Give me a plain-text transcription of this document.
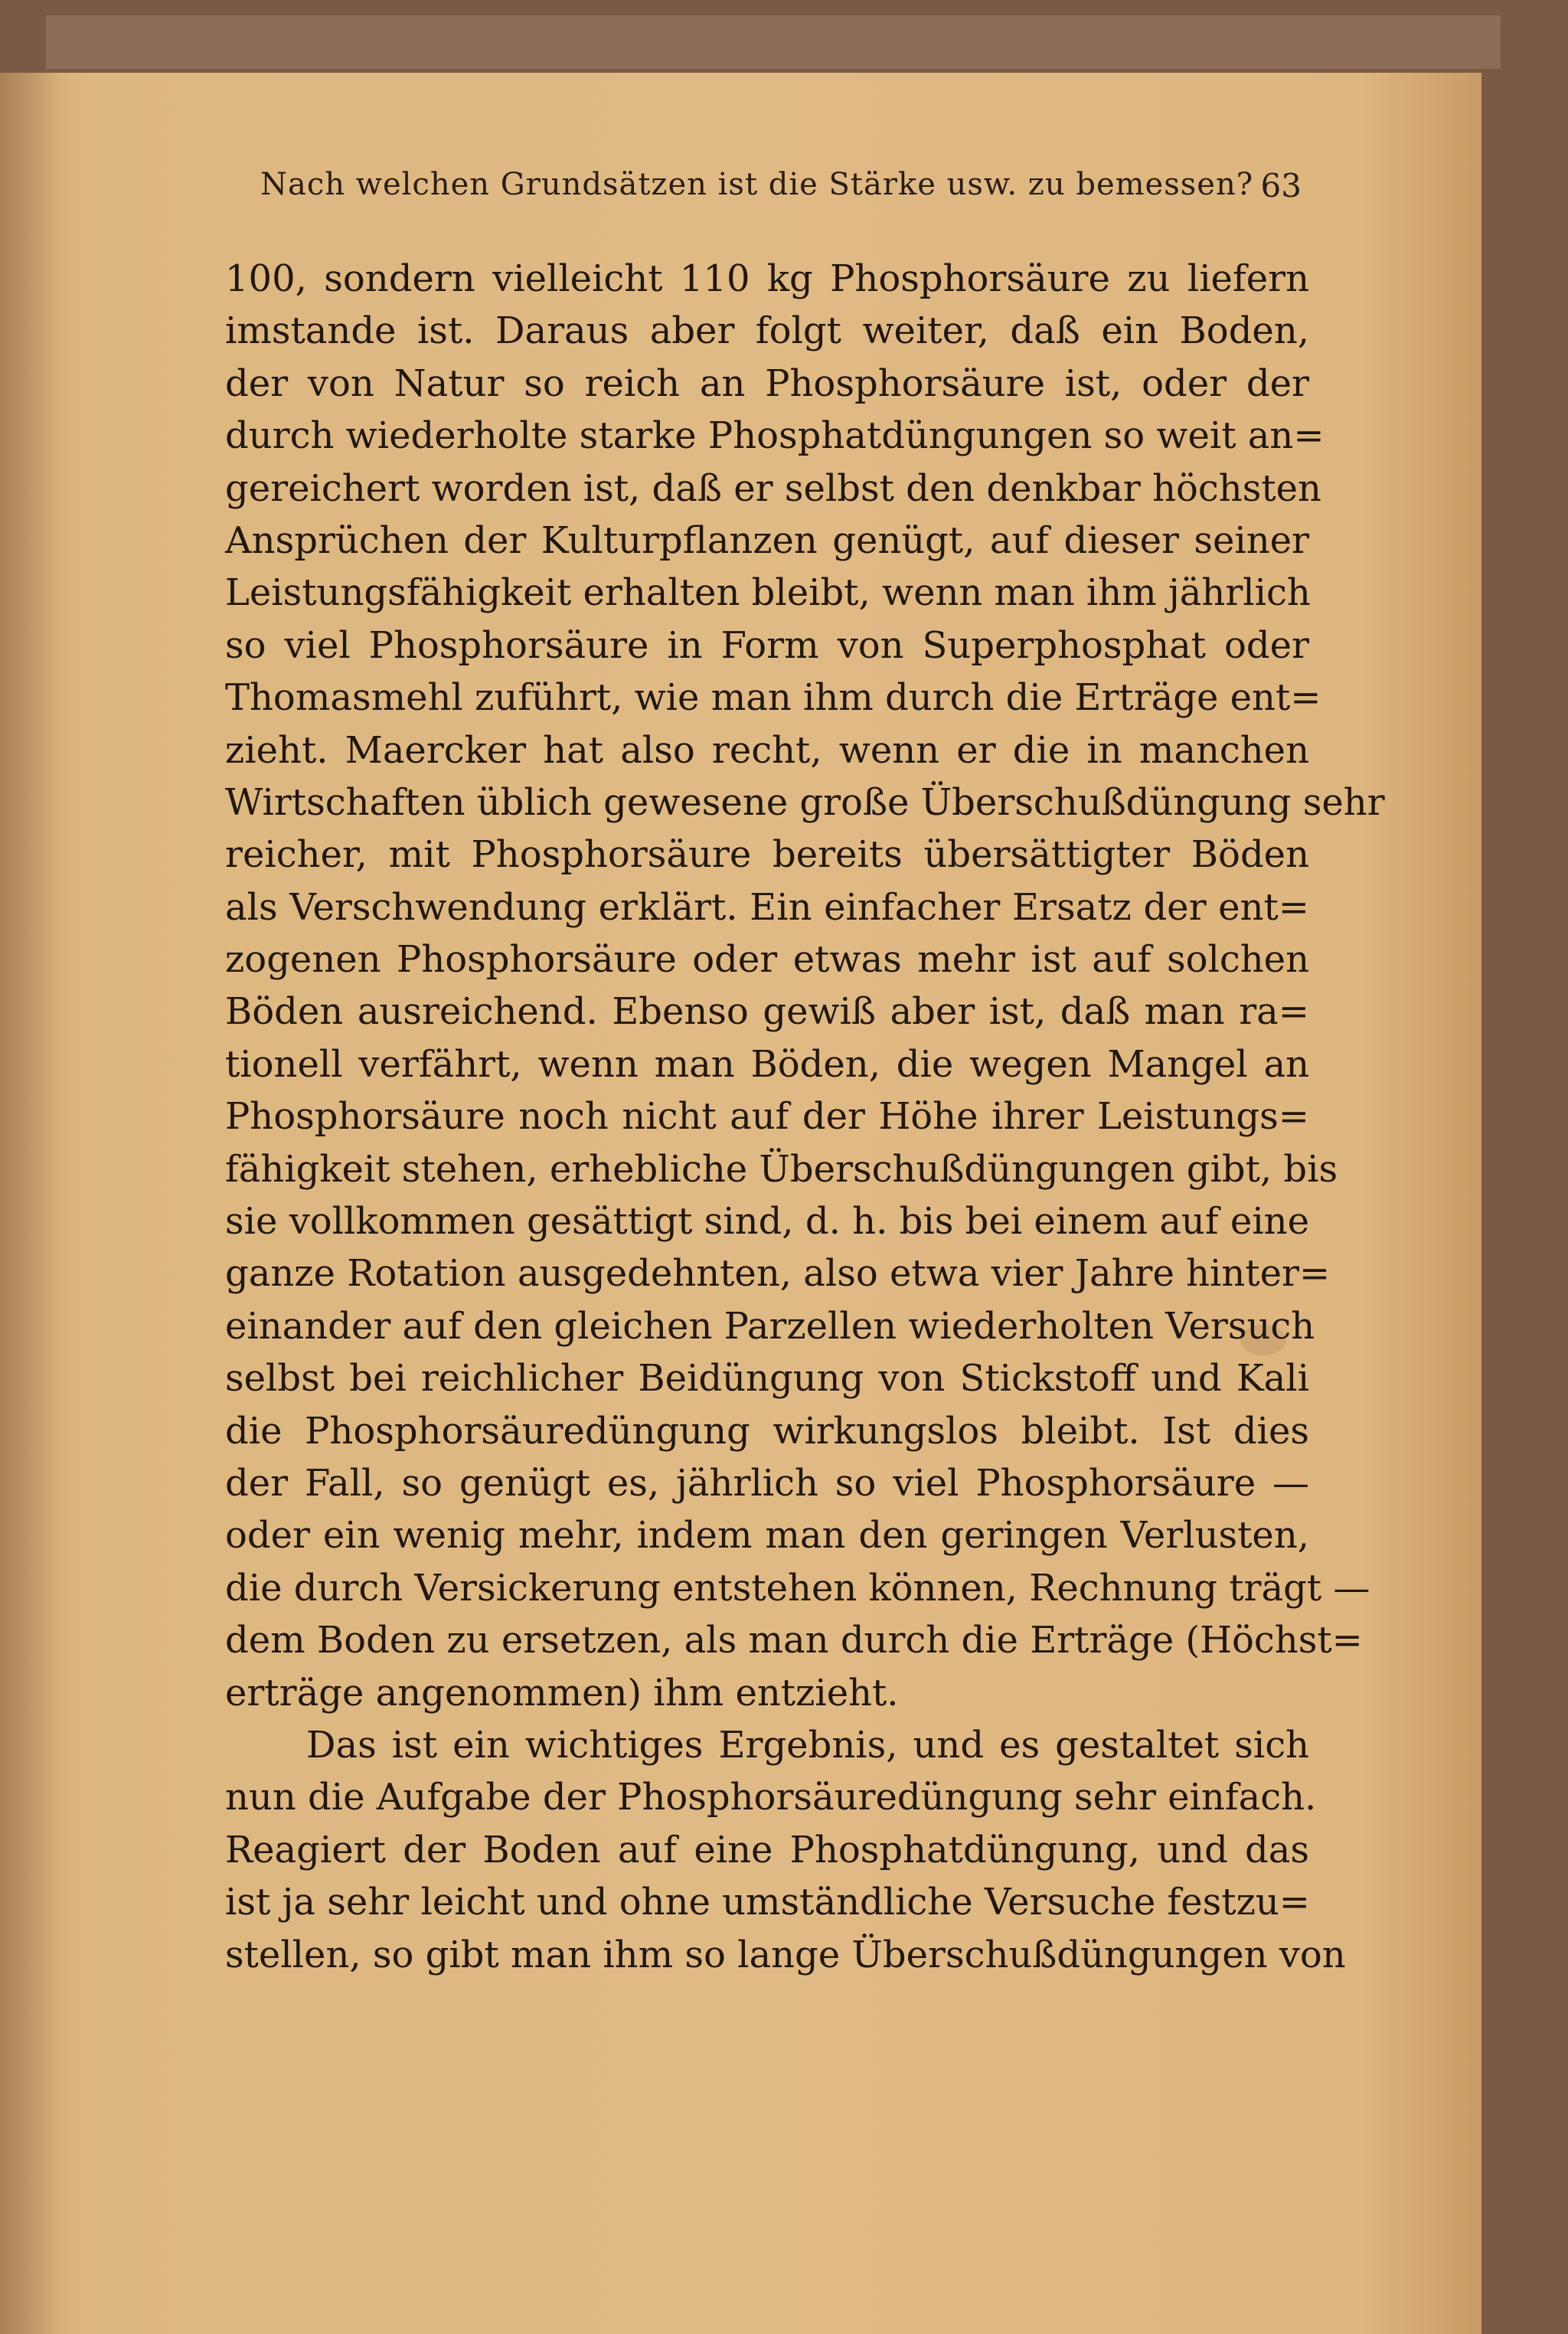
Nach welchen Grundsätzen ist die Stärke usw. zu bemessen? 63
100, sondern vielleicht 110 kg Phosphorsäure zu liefern
imstande ist. Daraus aber folgt weiter, daß ein Boden,
der von Natur so reich an Phosphorsäure ist, oder der
durch wiederholte starke Phosphatdüngungen so weit an=
gereichert worden ist, daß er selbst den denkbar höchsten
Ansprüchen der Kulturpflanzen genügt, auf dieser seiner
Leistungsfähigkeit erhalten bleibt, wenn man ihm jährlich
so viel Phosphorsäure in Form von Superphosphat oder
Thomasmehl zuführt, wie man ihm durch die Erträge ent=
zieht. Maercker hat also recht, wenn er die in manchen
Wirtschaften üblich gewesene große Überschußdüngung sehr
reicher, mit Phosphorsäure bereits übersättigter Böden
als Verschwendung erklärt. Ein einfacher Ersatz der ent=
zogenen Phosphorsäure oder etwas mehr ist auf solchen
Böden ausreichend. Ebenso gewiß aber ist, daß man ra=
tionell verfährt, wenn man Böden, die wegen Mangel an
Phosphorsäure noch nicht auf der Höhe ihrer Leistungs=
fähigkeit stehen, erhebliche Überschußdüngungen gibt, bis
sie vollkommen gesättigt sind, d. h. bis bei einem auf eine
ganze Rotation ausgedehnten, also etwa vier Jahre hinter=
einander auf den gleichen Parzellen wiederholten Versuch
selbst bei reichlicher Beidüngung von Stickstoff und Kali
die Phosphorsäuredüngung wirkungslos bleibt. Ist dies
der Fall, so genügt es, jährlich so viel Phosphorsäure —
oder ein wenig mehr, indem man den geringen Verlusten,
die durch Versickerung entstehen können, Rechnung trägt —
dem Boden zu ersetzen, als man durch die Erträge (Höchst=
erträge angenommen) ihm entzieht.
Das ist ein wichtiges Ergebnis, und es gestaltet sich
nun die Aufgabe der Phosphorsäuredüngung sehr einfach.
Reagiert der Boden auf eine Phosphatdüngung, und das
ist ja sehr leicht und ohne umständliche Versuche festzu=
stellen, so gibt man ihm so lange Überschußdüngungen von
